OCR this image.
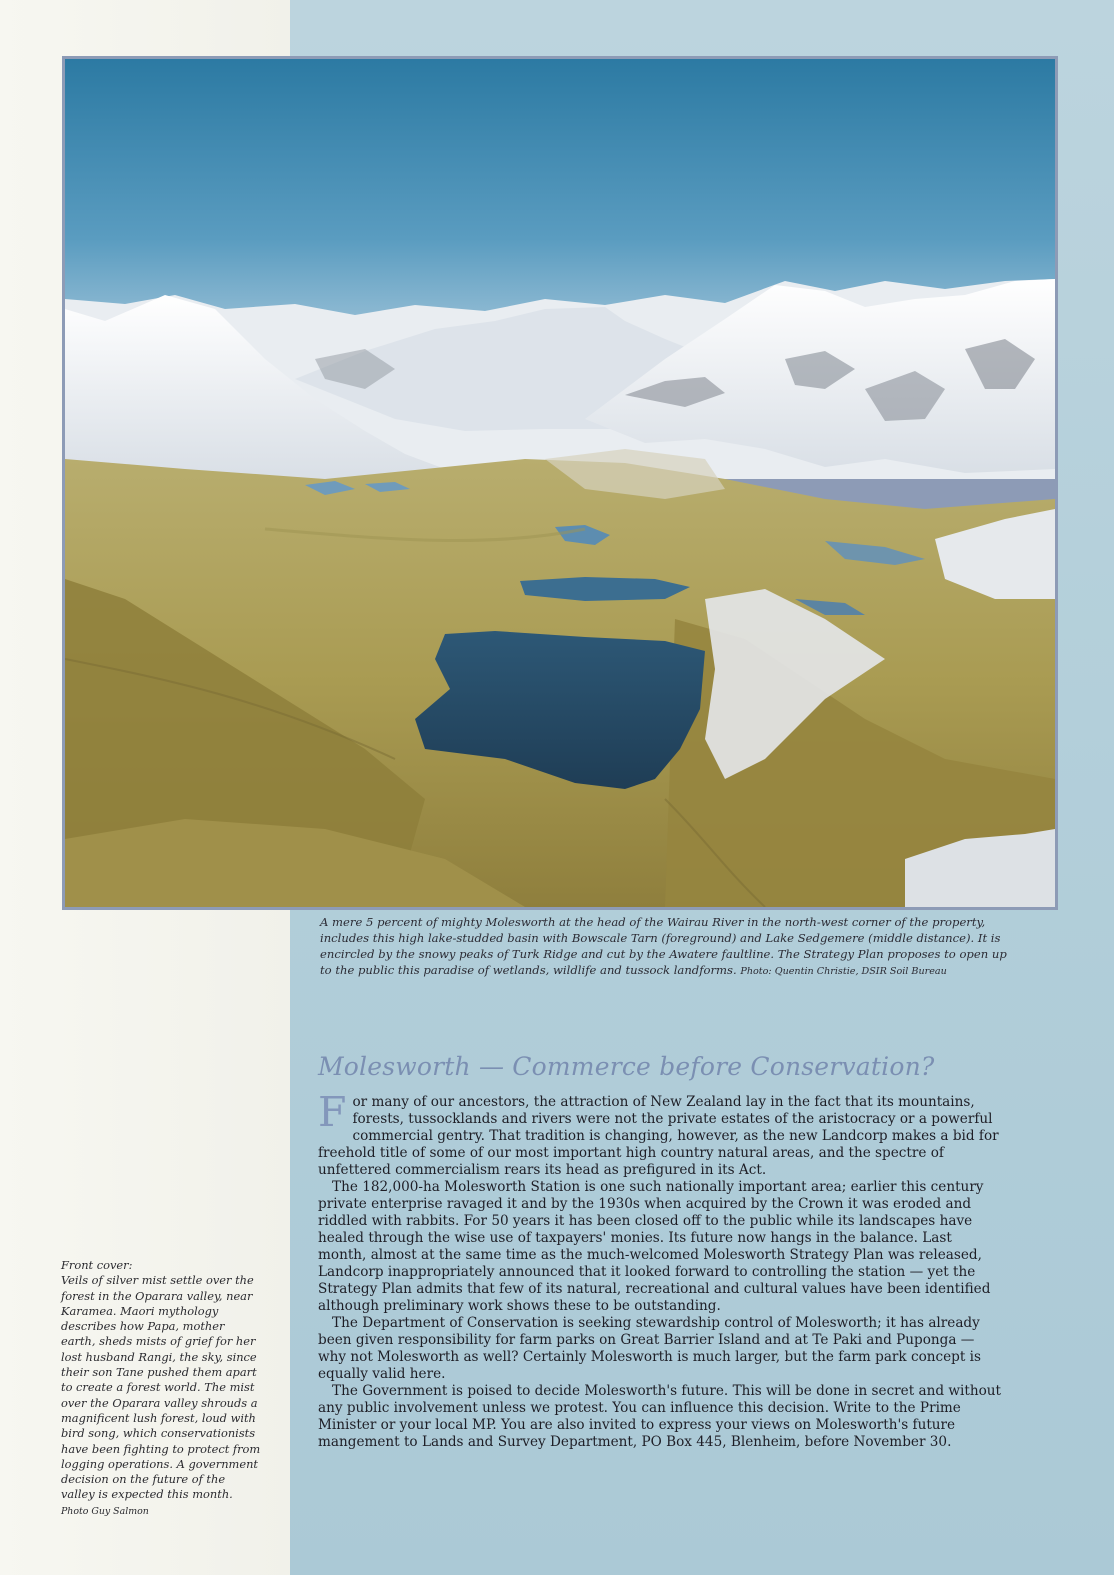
A mere 5 percent of mighty Molesworth at the head of the Wairau River in the north-west corner of the property, includes this high lake-studded basin with Bowscale Tarn (foreground) and Lake Sedgemere (middle distance). It is encircled by the snowy peaks of Turk Ridge and cut by the Awatere faultline. The Strategy Plan proposes to open up to the public this paradise of wetlands, wildlife and tussock landforms. Photo: Quentin Christie, DSIR Soil Bureau

Molesworth — Commerce before Conservation?

For many of our ancestors, the attraction of New Zealand lay in the fact that its mountains, forests, tussocklands and rivers were not the private estates of the aristocracy or a powerful commercial gentry. That tradition is changing, however, as the new Landcorp makes a bid for freehold title of some of our most important high country natural areas, and the spectre of unfettered commercialism rears its head as prefigured in its Act.

The 182,000-ha Molesworth Station is one such nationally important area; earlier this century private enterprise ravaged it and by the 1930s when acquired by the Crown it was eroded and riddled with rabbits. For 50 years it has been closed off to the public while its landscapes have healed through the wise use of taxpayers' monies. Its future now hangs in the balance. Last month, almost at the same time as the much-welcomed Molesworth Strategy Plan was released, Landcorp inappropriately announced that it looked forward to controlling the station — yet the Strategy Plan admits that few of its natural, recreational and cultural values have been identified although preliminary work shows these to be outstanding.

The Department of Conservation is seeking stewardship control of Molesworth; it has already been given responsibility for farm parks on Great Barrier Island and at Te Paki and Puponga — why not Molesworth as well? Certainly Molesworth is much larger, but the farm park concept is equally valid here.

The Government is poised to decide Molesworth's future. This will be done in secret and without any public involvement unless we protest. You can influence this decision. Write to the Prime Minister or your local MP. You are also invited to express your views on Molesworth's future mangement to Lands and Survey Department, PO Box 445, Blenheim, before November 30.

Front cover:
Veils of silver mist settle over the forest in the Oparara valley, near Karamea. Maori mythology describes how Papa, mother earth, sheds mists of grief for her lost husband Rangi, the sky, since their son Tane pushed them apart to create a forest world. The mist over the Oparara valley shrouds a magnificent lush forest, loud with bird song, which conservationists have been fighting to protect from logging operations. A government decision on the future of the valley is expected this month. Photo Guy Salmon
